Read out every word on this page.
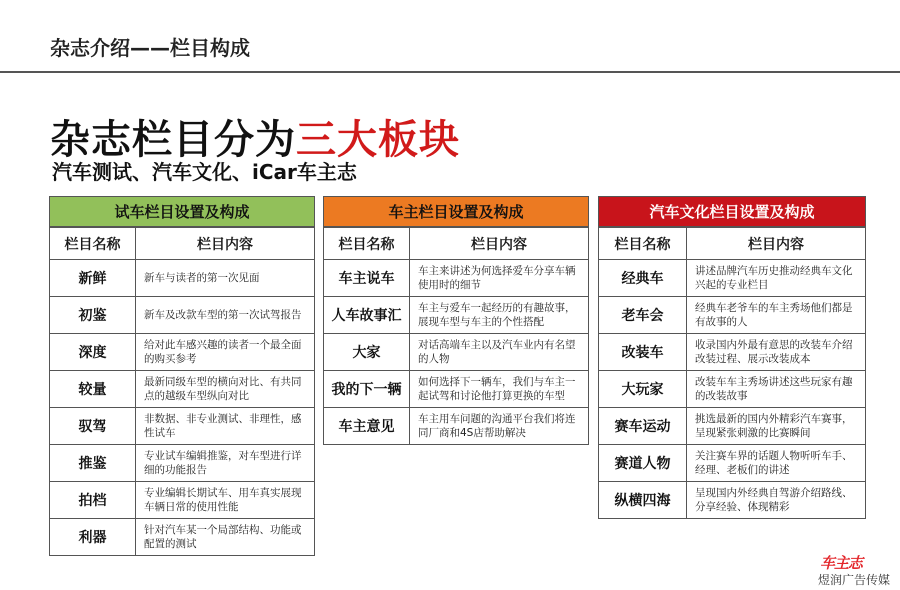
杂志介绍——栏目构成
杂志栏目分为三大板块
汽车测试、汽车文化、iCar车主志
试车栏目设置及构成
栏目名称	栏目内容
新鲜	新车与读者的第一次见面
初鉴	新车及改款车型的第一次试驾报告
深度	给对此车感兴趣的读者一个最全面的购买参考
较量	最新同级车型的横向对比、有共同点的越级车型纵向对比
驭驾	非数据、非专业测试、非理性，感性试车
推鉴	专业试车编辑推鉴，对车型进行详细的功能报告
拍档	专业编辑长期试车、用车真实展现车辆日常的使用性能
利器	针对汽车某一个局部结构、功能或配置的测试
车主栏目设置及构成
栏目名称	栏目内容
车主说车	车主来讲述为何选择爱车分享车辆使用时的细节
人车故事汇	车主与爱车一起经历的有趣故事，展现车型与车主的个性搭配
大家	对话高端车主以及汽车业内有名望的人物
我的下一辆	如何选择下一辆车，我们与车主一起试驾和讨论他打算更换的车型
车主意见	车主用车问题的沟通平台我们将连同厂商和4S店帮助解决
汽车文化栏目设置及构成
栏目名称	栏目内容
经典车	讲述品牌汽车历史推动经典车文化兴起的专业栏目
老车会	经典车老爷车的车主秀场他们都是有故事的人
改装车	收录国内外最有意思的改装车介绍改装过程、展示改装成本
大玩家	改装车车主秀场讲述这些玩家有趣的改装故事
赛车运动	挑选最新的国内外精彩汽车赛事，呈现紧张刺激的比赛瞬间
赛道人物	关注赛车界的话题人物听听车手、经理、老板们的讲述
纵横四海	呈现国内外经典自驾游介绍路线、分享经验、体现精彩
车主志
煜润广告传媒
